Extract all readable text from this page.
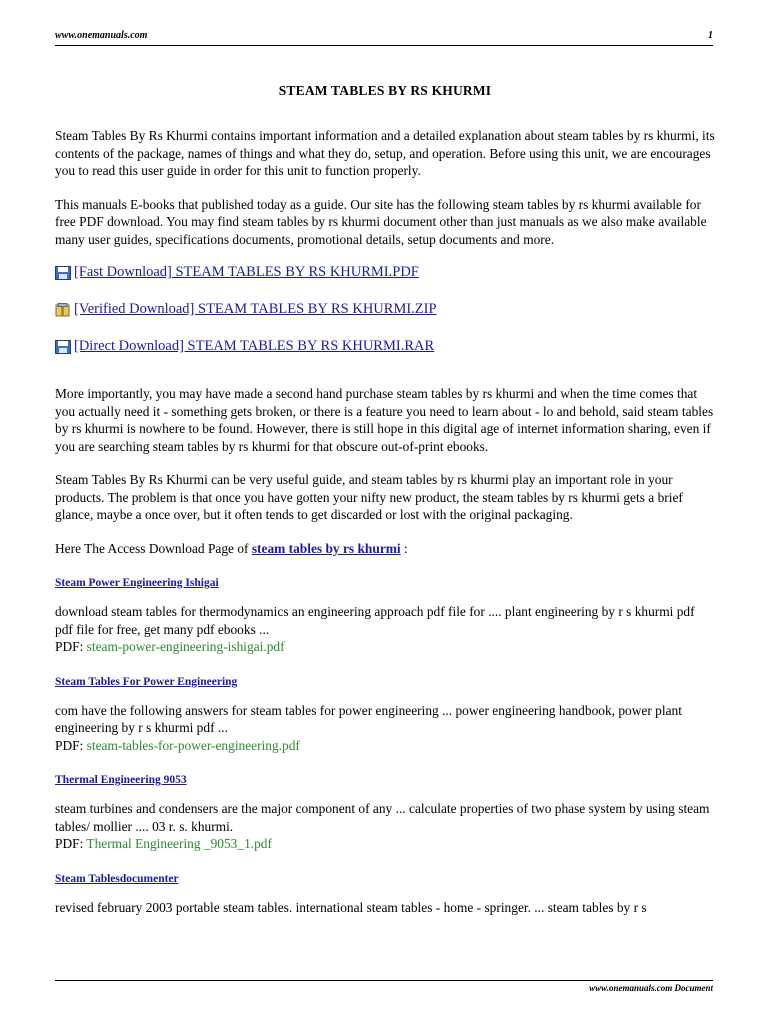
www.onemanuals.com	1
STEAM TABLES BY RS KHURMI

Steam Tables By Rs Khurmi contains important information and a detailed explanation about steam tables by rs khurmi, its contents of the package, names of things and what they do, setup, and operation. Before using this unit, we are encourages you to read this user guide in order for this unit to function properly.

This manuals E-books that published today as a guide. Our site has the following steam tables by rs khurmi available for free PDF download. You may find steam tables by rs khurmi document other than just manuals as we also make available many user guides, specifications documents, promotional details, setup documents and more.

[Fast Download] STEAM TABLES BY RS KHURMI.PDF
[Verified Download] STEAM TABLES BY RS KHURMI.ZIP
[Direct Download] STEAM TABLES BY RS KHURMI.RAR

More importantly, you may have made a second hand purchase steam tables by rs khurmi and when the time comes that you actually need it - something gets broken, or there is a feature you need to learn about - lo and behold, said steam tables by rs khurmi is nowhere to be found. However, there is still hope in this digital age of internet information sharing, even if you are searching steam tables by rs khurmi for that obscure out-of-print ebooks.

Steam Tables By Rs Khurmi can be very useful guide, and steam tables by rs khurmi play an important role in your products. The problem is that once you have gotten your nifty new product, the steam tables by rs khurmi gets a brief glance, maybe a once over, but it often tends to get discarded or lost with the original packaging.

Here The Access Download Page of steam tables by rs khurmi :

Steam Power Engineering Ishigai

download steam tables for thermodynamics an engineering approach pdf file for .... plant engineering by r s khurmi pdf pdf file for free, get many pdf ebooks ...

PDF: steam-power-engineering-ishigai.pdf
Steam Tables For Power Engineering

com have the following answers for steam tables for power engineering ... power engineering handbook, power plant engineering by r s khurmi pdf ...

PDF: steam-tables-for-power-engineering.pdf
Thermal Engineering 9053

steam turbines and condensers are the major component of any ... calculate properties of two phase system by using steam tables/ mollier .... 03 r. s. khurmi.

PDF: Thermal Engineering _9053_1.pdf
Steam Tablesdocumenter

revised february 2003 portable steam tables. international steam tables - home - springer. ... steam tables by r s

www.onemanuals.com Document
